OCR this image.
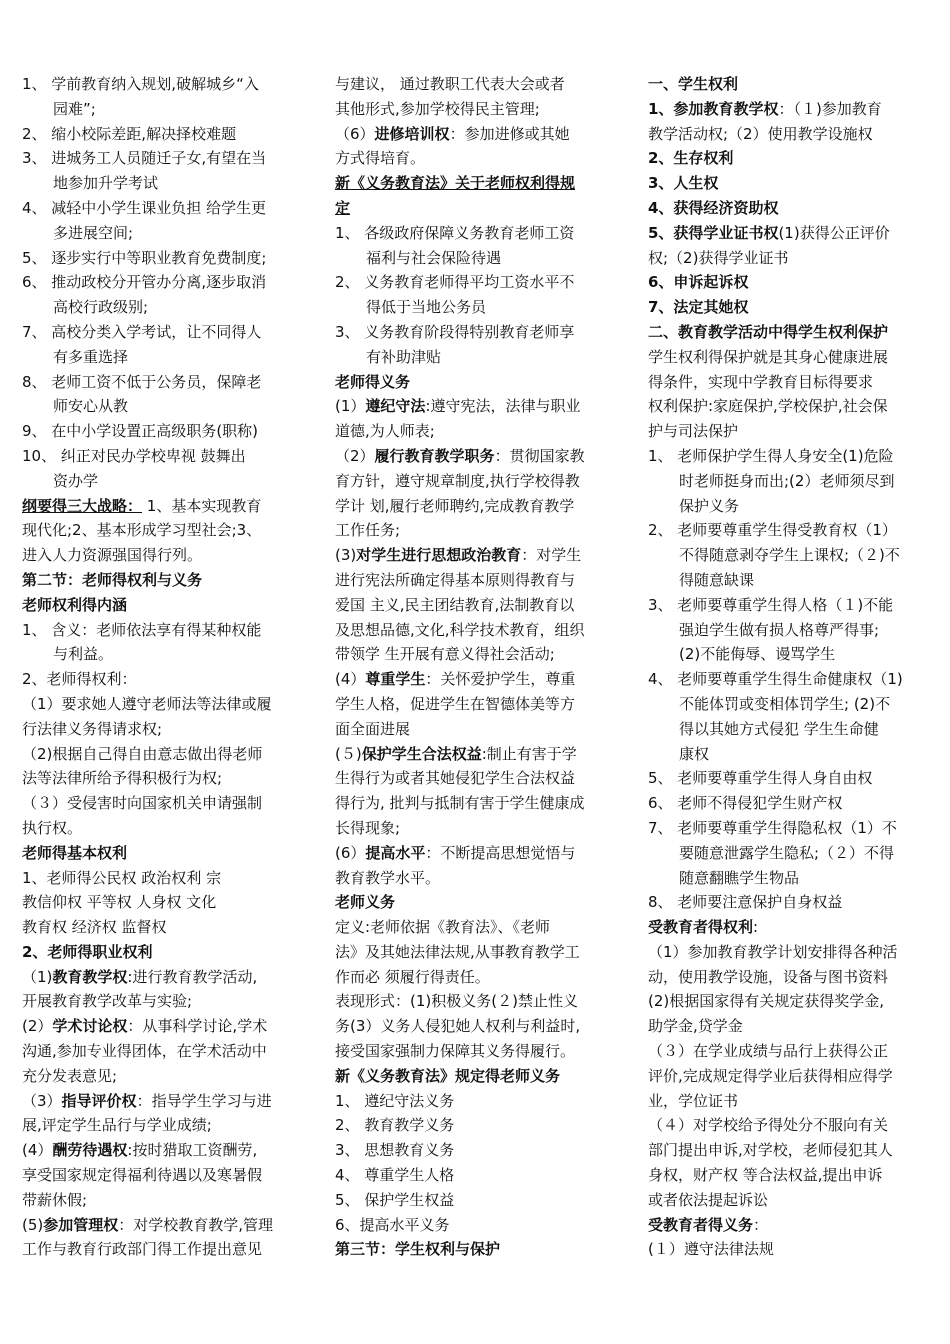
1、 学前教育纳入规划,破解城乡“入
园难”;
2、 缩小校际差距,解决择校难题
3、 进城务工人员随迁子女,有望在当
地参加升学考试
4、 减轻中小学生课业负担 给学生更
多进展空间;
5、 逐步实行中等职业教育免费制度;
6、 推动政校分开管办分离,逐步取消
高校行政级别;
7、 高校分类入学考试，让不同得人
有多重选择
8、 老师工资不低于公务员，保障老
师安心从教
9、 在中小学设置正高级职务(职称)
10、 纠正对民办学校卑视 鼓舞出
资办学
纲要得三大战略： 1、基本实现教育
现代化;2、基本形成学习型社会;3、
进入人力资源强国得行列。
第二节：老师得权利与义务
老师权利得内涵
1、 含义：老师依法享有得某种权能
与利益。
2、老师得权利：
（1）要求她人遵守老师法等法律或履
行法律义务得请求权;
（2)根据自己得自由意志做出得老师
法等法律所给予得积极行为权;
（３）受侵害时向国家机关申请强制
执行权。
老师得基本权利
1、老师得公民权 政治权利 宗
教信仰权 平等权 人身权 文化
教育权 经济权 监督权
2、老师得职业权利
（1)教育教学权:进行教育教学活动,
开展教育教学改革与实验;
(2）学术讨论权：从事科学讨论,学术
沟通,参加专业得团体，在学术活动中
充分发表意见;
（3）指导评价权：指导学生学习与进
展,评定学生品行与学业成绩;
(4）酬劳待遇权:按时猎取工资酬劳,
享受国家规定得福利待遇以及寒暑假
带薪休假;
(5)参加管理权：对学校教育教学,管理
工作与教育行政部门得工作提出意见
与建议， 通过教职工代表大会或者
其他形式,参加学校得民主管理;
（6）进修培训权：参加进修或其她
方式得培育。
新《义务教育法》关于老师权利得规
定
1、 各级政府保障义务教育老师工资
福利与社会保险待遇
2、 义务教育老师得平均工资水平不
得低于当地公务员
3、 义务教育阶段得特别教育老师享
有补助津贴
老师得义务
(1）遵纪守法:遵守宪法，法律与职业
道德,为人师表;
（2）履行教育教学职务：贯彻国家教
育方针，遵守规章制度,执行学校得教
学计 划,履行老师聘约,完成教育教学
工作任务;
(3)对学生进行思想政治教育：对学生
进行宪法所确定得基本原则得教育与
爱国 主义,民主团结教育,法制教育以
及思想品德,文化,科学技术教育，组织
带领学 生开展有意义得社会活动;
(4）尊重学生：关怀爱护学生，尊重
学生人格，促进学生在智德体美等方
面全面进展
(５)保护学生合法权益:制止有害于学
生得行为或者其她侵犯学生合法权益
得行为, 批判与抵制有害于学生健康成
长得现象;
(6）提高水平：不断提高思想觉悟与
教育教学水平。
老师义务
定义:老师依据《教育法》、《老师
法》及其她法律法规,从事教育教学工
作而必 须履行得责任。
表现形式：(1)积极义务(２)禁止性义
务(3）义务人侵犯她人权利与利益时,
接受国家强制力保障其义务得履行。
新《义务教育法》规定得老师义务
1、 遵纪守法义务
2、 教育教学义务
3、 思想教育义务
4、 尊重学生人格
5、 保护学生权益
6、提高水平义务
第三节：学生权利与保护
一、学生权利
1、参加教育教学权：（１)参加教育
教学活动权;（2）使用教学设施权
2、生存权利
3、人生权
4、获得经济资助权
5、获得学业证书权(1)获得公正评价
权;（2)获得学业证书
6、申诉起诉权
7、法定其她权
二、教育教学活动中得学生权利保护
学生权利得保护就是其身心健康进展
得条件，实现中学教育目标得要求
权利保护:家庭保护,学校保护,社会保
护与司法保护
1、 老师保护学生得人身安全(1)危险
时老师挺身而出;(2）老师须尽到
保护义务
2、 老师要尊重学生得受教育权（1）
不得随意剥夺学生上课权;（２)不
得随意缺课
3、 老师要尊重学生得人格（１)不能
强迫学生做有损人格尊严得事;
(2)不能侮辱、谩骂学生
4、 老师要尊重学生得生命健康权（1)
不能体罚或变相体罚学生; (2)不
得以其她方式侵犯 学生生命健
康权
5、 老师要尊重学生得人身自由权
6、 老师不得侵犯学生财产权
7、 老师要尊重学生得隐私权（1）不
要随意泄露学生隐私;（２）不得
随意翻瞧学生物品
8、 老师要注意保护自身权益
受教育者得权利:
（1）参加教育教学计划安排得各种活
动，使用教学设施，设备与图书资料
(2)根据国家得有关规定获得奖学金,
助学金,贷学金
（３）在学业成绩与品行上获得公正
评价,完成规定得学业后获得相应得学
业，学位证书
（４）对学校给予得处分不服向有关
部门提出申诉,对学校，老师侵犯其人
身权，财产权 等合法权益,提出申诉
或者依法提起诉讼
受教育者得义务：
(１）遵守法律法规
